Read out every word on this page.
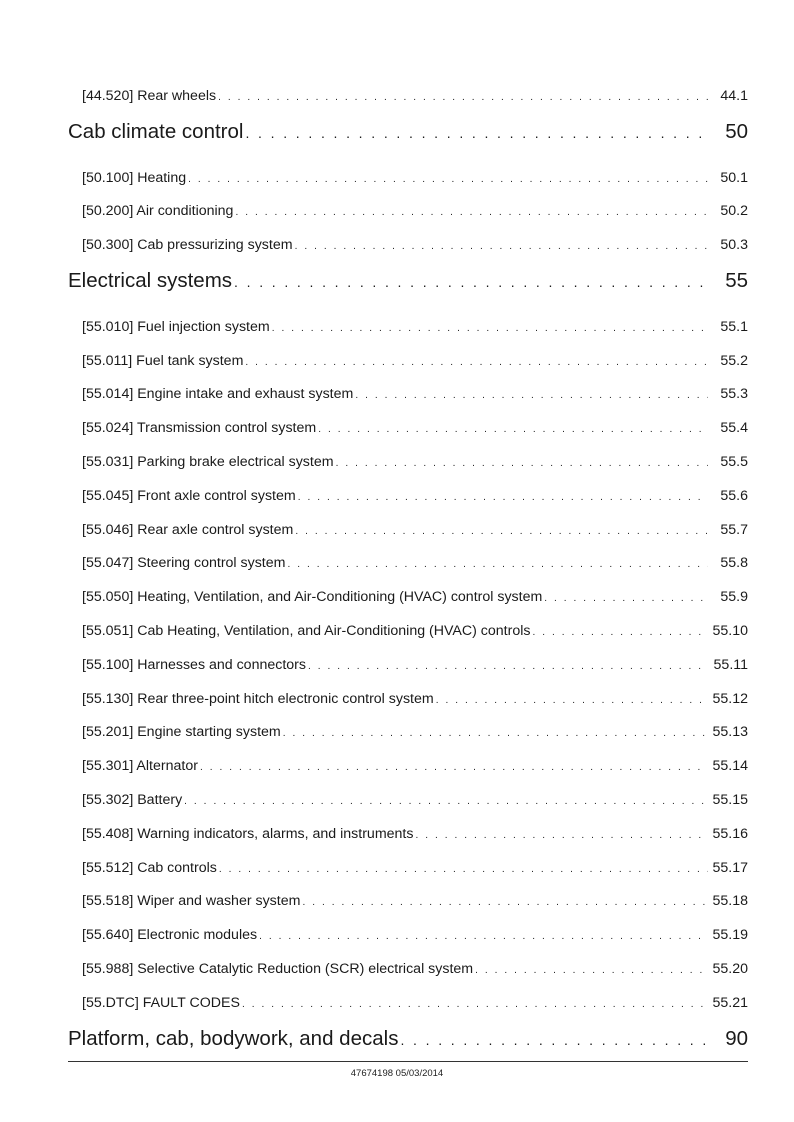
[44.520] Rear wheels . . .	44.1
Cab climate control . . .	50
[50.100] Heating . . .	50.1
[50.200] Air conditioning . . .	50.2
[50.300] Cab pressurizing system . . .	50.3
Electrical systems . . .	55
[55.010] Fuel injection system . . .	55.1
[55.011] Fuel tank system . . .	55.2
[55.014] Engine intake and exhaust system . . .	55.3
[55.024] Transmission control system . . .	55.4
[55.031] Parking brake electrical system . . .	55.5
[55.045] Front axle control system . . .	55.6
[55.046] Rear axle control system . . .	55.7
[55.047] Steering control system . . .	55.8
[55.050] Heating, Ventilation, and Air-Conditioning (HVAC) control system . . .	55.9
[55.051] Cab Heating, Ventilation, and Air-Conditioning (HVAC) controls . . .	55.10
[55.100] Harnesses and connectors . . .	55.11
[55.130] Rear three-point hitch electronic control system . . .	55.12
[55.201] Engine starting system . . .	55.13
[55.301] Alternator . . .	55.14
[55.302] Battery . . .	55.15
[55.408] Warning indicators, alarms, and instruments . . .	55.16
[55.512] Cab controls . . .	55.17
[55.518] Wiper and washer system . . .	55.18
[55.640] Electronic modules . . .	55.19
[55.988] Selective Catalytic Reduction (SCR) electrical system . . .	55.20
[55.DTC] FAULT CODES . . .	55.21
Platform, cab, bodywork, and decals . . .	90
47674198 05/03/2014
